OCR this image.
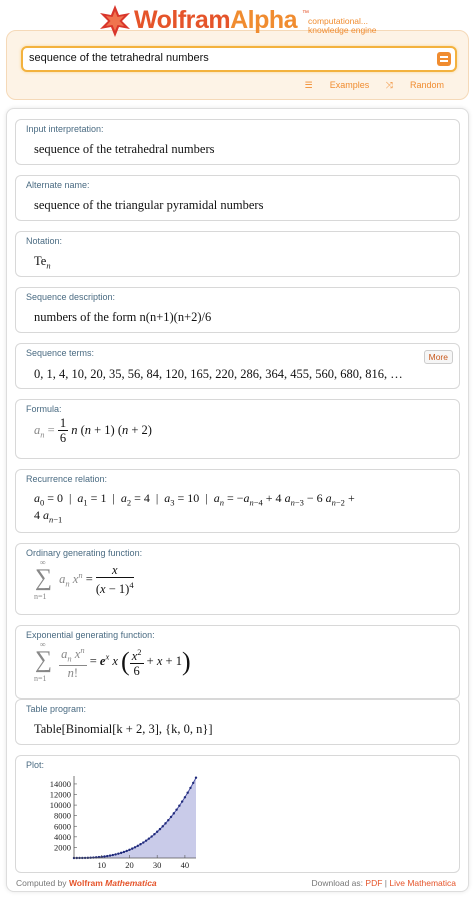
sequence of the tetrahedral numbers
WolframAlpha ™
computational...
knowledge engine
☰ Examples ⤨ Random
Input interpretation:
sequence of the tetrahedral numbers
Alternate name:
sequence of the triangular pyramidal numbers
Notation:
$Te_n$
Sequence description:
numbers of the form n(n+1)(n+2)/6
Sequence terms:	More
0, 1, 4, 10, 20, 35, 56, 84, 120, 165, 220, 286, 364, 455, 560, 680, 816, …
Formula:
$a_n = \frac{1}{6}$ n (n + 1) (n + 2)
Recurrence relation:
$a_0 = 0$  |  $a_1 = 1$  |  $a_2 = 4$  |  $a_3 = 10$  |  $a_n = -a_{n-4} + 4$ $a_{n-3} - 6$ $a_{n-2}$ +
4 $a_{n-1}$
Ordinary generating function:
∞
∑
n=1
$a_n$ $x^n = \frac{x}{(x - 1)^4}$
Exponential generating function:
∞
∑
n=1
$\frac{a_n x^n}{n!} = e^x$ x ( $\frac{x^2}{6} + x + 1$)
Table program:
Table[Binomial[k + 2, 3], {k, 0, n}]
Plot:
2000
4000
6000
8000
10000
12000
14000
10 20 30 40
Computed by Wolfram Mathematica	Download as: PDF | Live Mathematica
